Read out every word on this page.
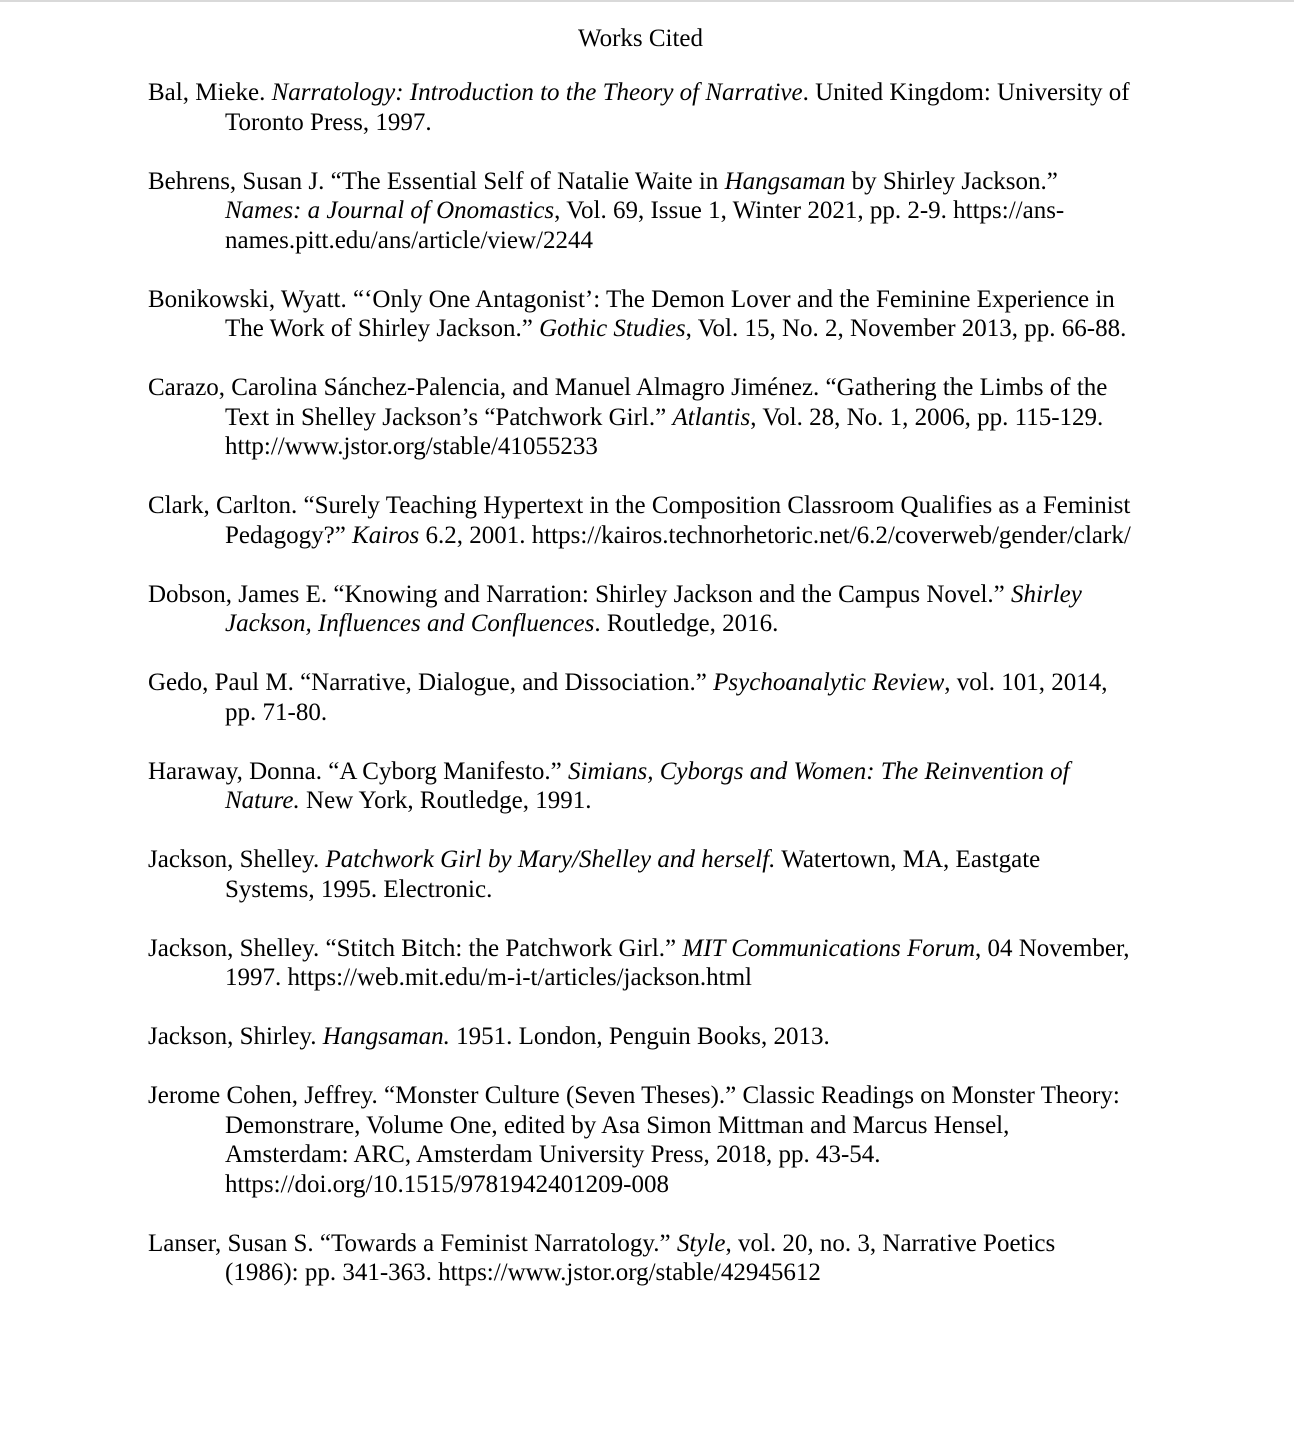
Works Cited
Bal, Mieke. Narratology: Introduction to the Theory of Narrative. United Kingdom: University of Toronto Press, 1997.
Behrens, Susan J. “The Essential Self of Natalie Waite in Hangsaman by Shirley Jackson.” Names: a Journal of Onomastics, Vol. 69, Issue 1, Winter 2021, pp. 2-9. https://ans-names.pitt.edu/ans/article/view/2244
Bonikowski, Wyatt. “‘Only One Antagonist’: The Demon Lover and the Feminine Experience in The Work of Shirley Jackson.” Gothic Studies, Vol. 15, No. 2, November 2013, pp. 66-88.
Carazo, Carolina Sánchez-Palencia, and Manuel Almagro Jiménez. “Gathering the Limbs of the Text in Shelley Jackson’s “Patchwork Girl.” Atlantis, Vol. 28, No. 1, 2006, pp. 115-129. http://www.jstor.org/stable/41055233
Clark, Carlton. “Surely Teaching Hypertext in the Composition Classroom Qualifies as a Feminist Pedagogy?” Kairos 6.2, 2001. https://kairos.technorhetoric.net/6.2/coverweb/gender/clark/
Dobson, James E. “Knowing and Narration: Shirley Jackson and the Campus Novel.” Shirley Jackson, Influences and Confluences. Routledge, 2016.
Gedo, Paul M. “Narrative, Dialogue, and Dissociation.” Psychoanalytic Review, vol. 101, 2014, pp. 71-80.
Haraway, Donna. “A Cyborg Manifesto.” Simians, Cyborgs and Women: The Reinvention of Nature. New York, Routledge, 1991.
Jackson, Shelley. Patchwork Girl by Mary/Shelley and herself. Watertown, MA, Eastgate Systems, 1995. Electronic.
Jackson, Shelley. “Stitch Bitch: the Patchwork Girl.” MIT Communications Forum, 04 November, 1997. https://web.mit.edu/m-i-t/articles/jackson.html
Jackson, Shirley. Hangsaman. 1951. London, Penguin Books, 2013.
Jerome Cohen, Jeffrey. “Monster Culture (Seven Theses).” Classic Readings on Monster Theory: Demonstrare, Volume One, edited by Asa Simon Mittman and Marcus Hensel, Amsterdam: ARC, Amsterdam University Press, 2018, pp. 43-54. https://doi.org/10.1515/9781942401209-008
Lanser, Susan S. “Towards a Feminist Narratology.” Style, vol. 20, no. 3, Narrative Poetics (1986): pp. 341-363. https://www.jstor.org/stable/42945612
